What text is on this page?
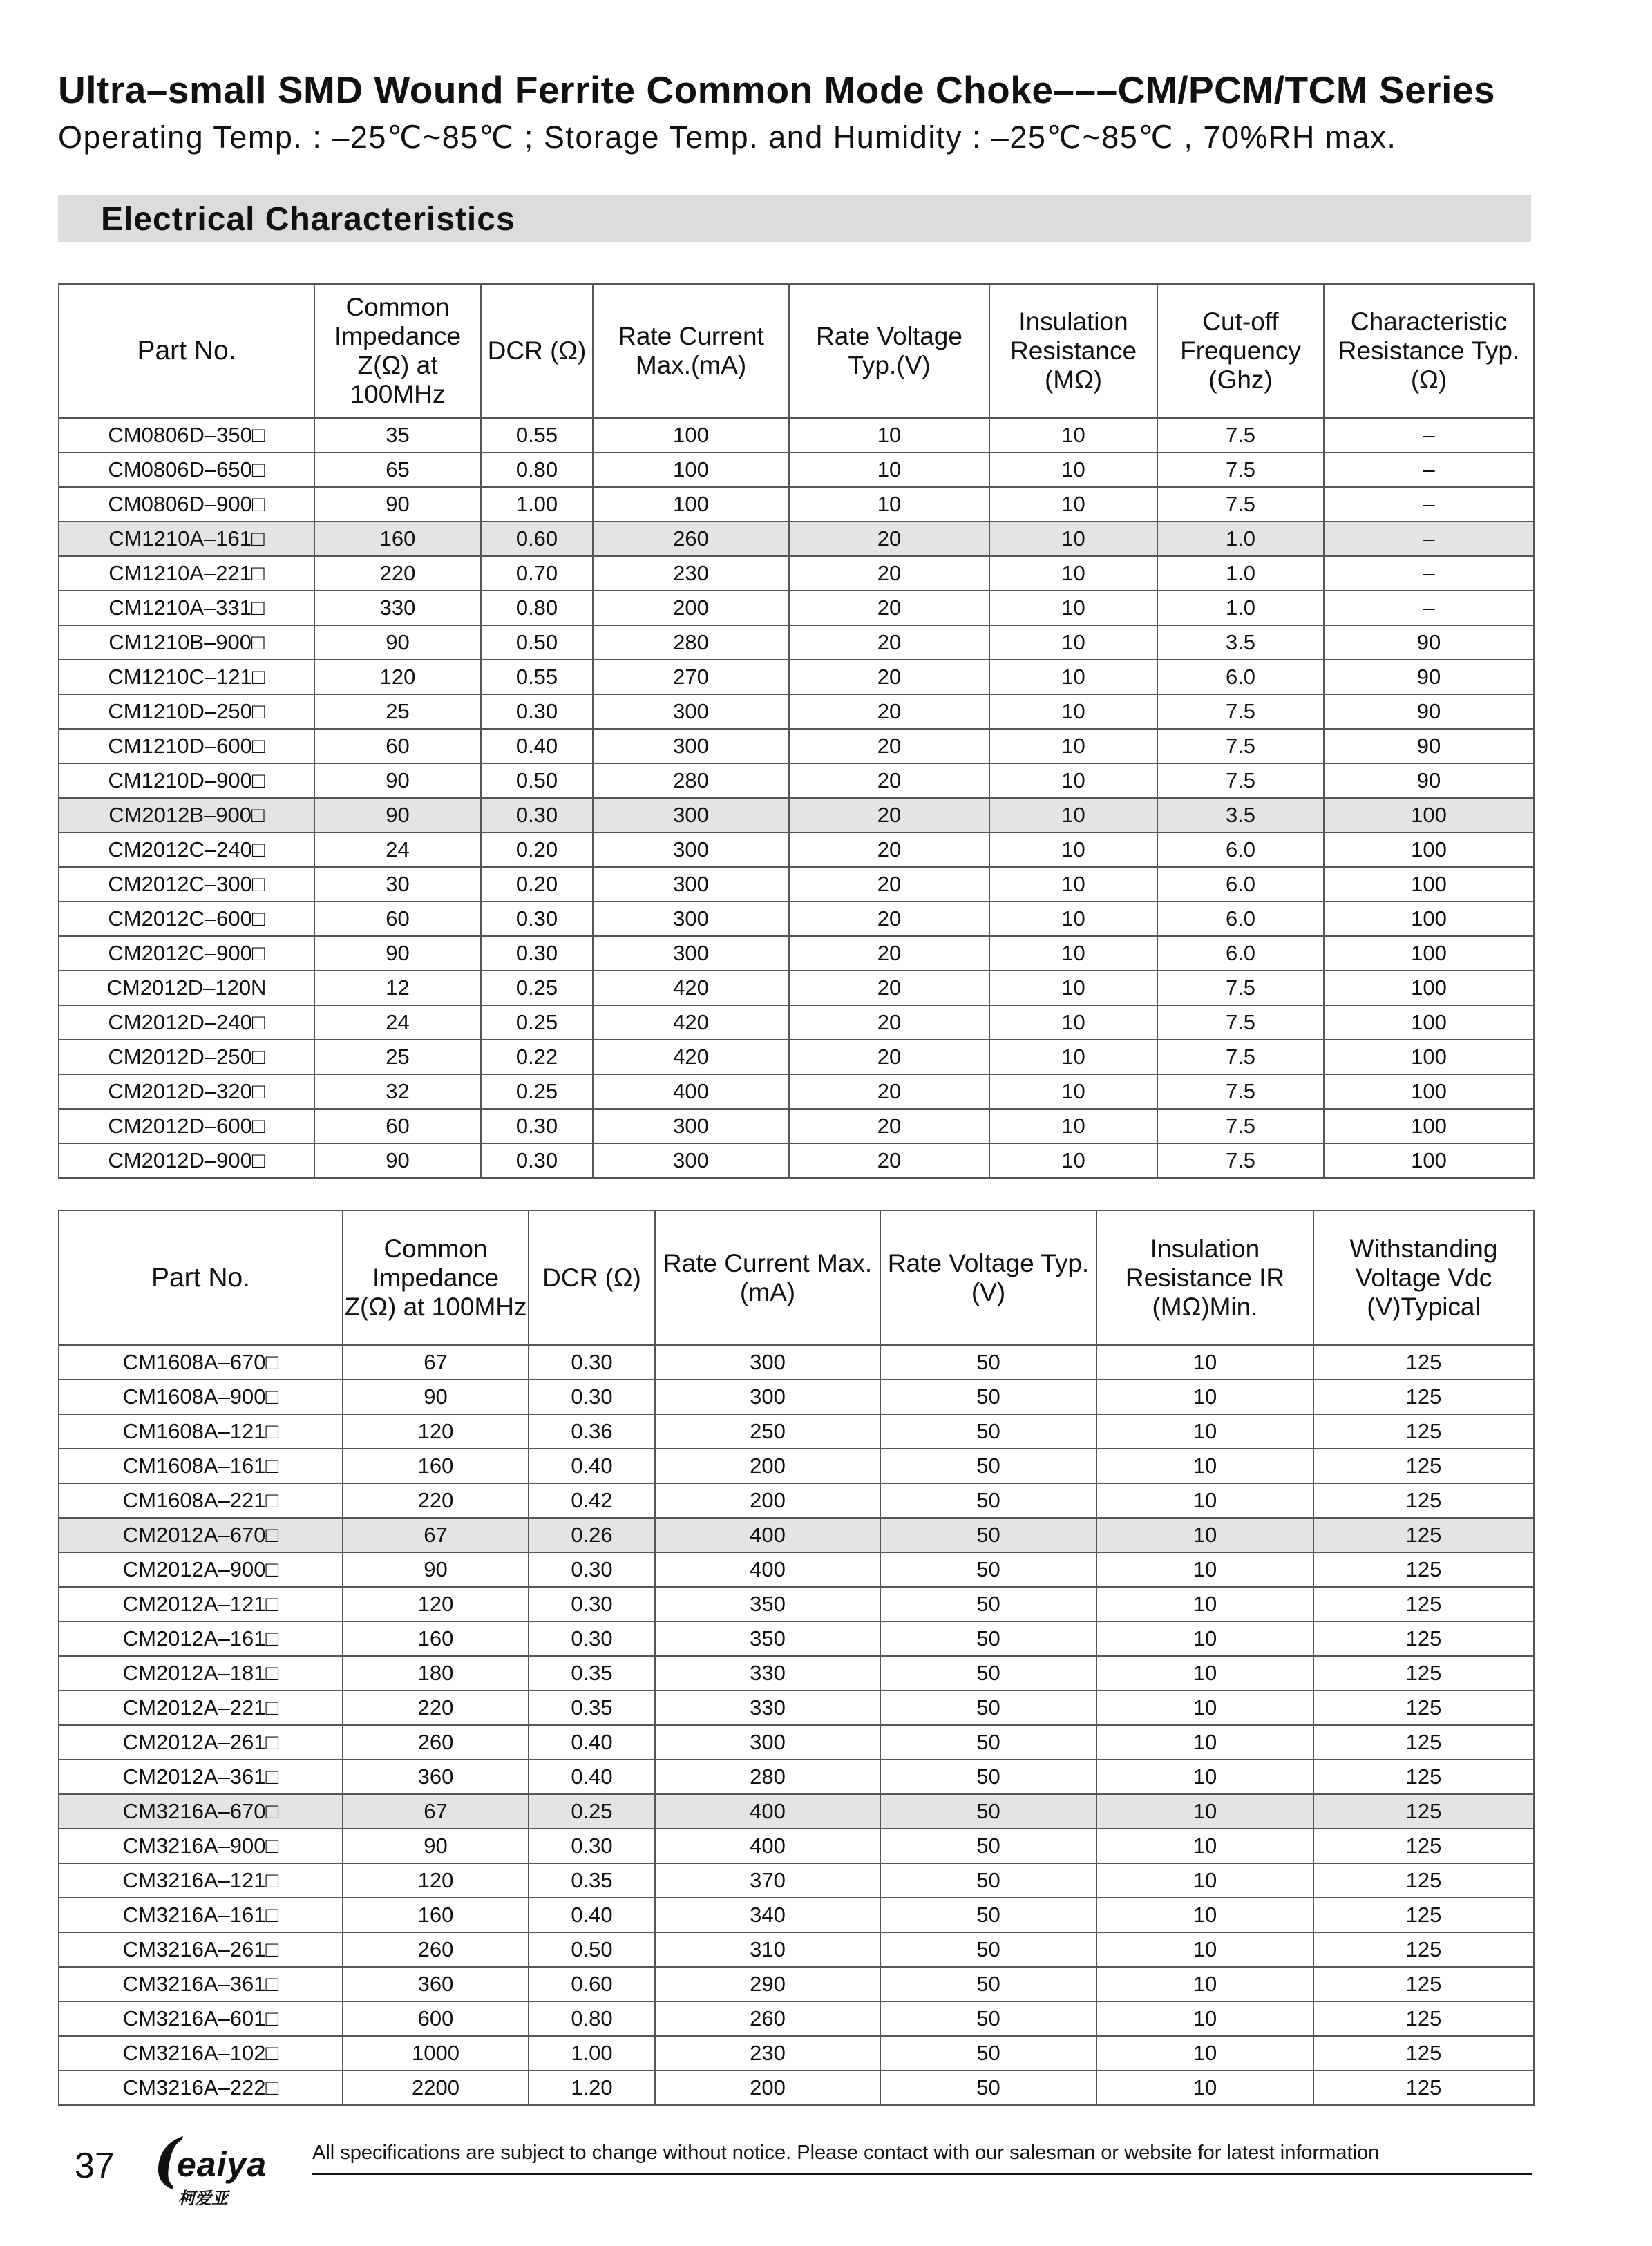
Ultra–small SMD Wound Ferrite Common Mode Choke–––CM/PCM/TCM Series
Operating Temp. : –25℃~85℃ ; Storage Temp. and Humidity : –25℃~85℃ , 70%RH max.
Electrical Characteristics
Part No.	Common Impedance Z(Ω) at 100MHz	DCR (Ω)	Rate Current Max.(mA)	Rate Voltage Typ.(V)	Insulation Resistance (MΩ)	Cut-off Frequency (Ghz)	Characteristic Resistance Typ. (Ω)
CM0806D–350□	35	0.55	100	10	10	7.5	–
CM0806D–650□	65	0.80	100	10	10	7.5	–
CM0806D–900□	90	1.00	100	10	10	7.5	–
CM1210A–161□	160	0.60	260	20	10	1.0	–
CM1210A–221□	220	0.70	230	20	10	1.0	–
CM1210A–331□	330	0.80	200	20	10	1.0	–
CM1210B–900□	90	0.50	280	20	10	3.5	90
CM1210C–121□	120	0.55	270	20	10	6.0	90
CM1210D–250□	25	0.30	300	20	10	7.5	90
CM1210D–600□	60	0.40	300	20	10	7.5	90
CM1210D–900□	90	0.50	280	20	10	7.5	90
CM2012B–900□	90	0.30	300	20	10	3.5	100
CM2012C–240□	24	0.20	300	20	10	6.0	100
CM2012C–300□	30	0.20	300	20	10	6.0	100
CM2012C–600□	60	0.30	300	20	10	6.0	100
CM2012C–900□	90	0.30	300	20	10	6.0	100
CM2012D–120N	12	0.25	420	20	10	7.5	100
CM2012D–240□	24	0.25	420	20	10	7.5	100
CM2012D–250□	25	0.22	420	20	10	7.5	100
CM2012D–320□	32	0.25	400	20	10	7.5	100
CM2012D–600□	60	0.30	300	20	10	7.5	100
CM2012D–900□	90	0.30	300	20	10	7.5	100
Part No.	Common Impedance Z(Ω) at 100MHz	DCR (Ω)	Rate Current Max.(mA)	Rate Voltage Typ.(V)	Insulation Resistance IR (MΩ)Min.	Withstanding Voltage Vdc (V)Typical
CM1608A–670□	67	0.30	300	50	10	125
CM1608A–900□	90	0.30	300	50	10	125
CM1608A–121□	120	0.36	250	50	10	125
CM1608A–161□	160	0.40	200	50	10	125
CM1608A–221□	220	0.42	200	50	10	125
CM2012A–670□	67	0.26	400	50	10	125
CM2012A–900□	90	0.30	400	50	10	125
CM2012A–121□	120	0.30	350	50	10	125
CM2012A–161□	160	0.30	350	50	10	125
CM2012A–181□	180	0.35	330	50	10	125
CM2012A–221□	220	0.35	330	50	10	125
CM2012A–261□	260	0.40	300	50	10	125
CM2012A–361□	360	0.40	280	50	10	125
CM3216A–670□	67	0.25	400	50	10	125
CM3216A–900□	90	0.30	400	50	10	125
CM3216A–121□	120	0.35	370	50	10	125
CM3216A–161□	160	0.40	340	50	10	125
CM3216A–261□	260	0.50	310	50	10	125
CM3216A–361□	360	0.60	290	50	10	125
CM3216A–601□	600	0.80	260	50	10	125
CM3216A–102□	1000	1.00	230	50	10	125
CM3216A–222□	2200	1.20	200	50	10	125
37 (
eaiya
柯爱亚
All specifications are subject to change without notice. Please contact with our salesman or website for latest information
